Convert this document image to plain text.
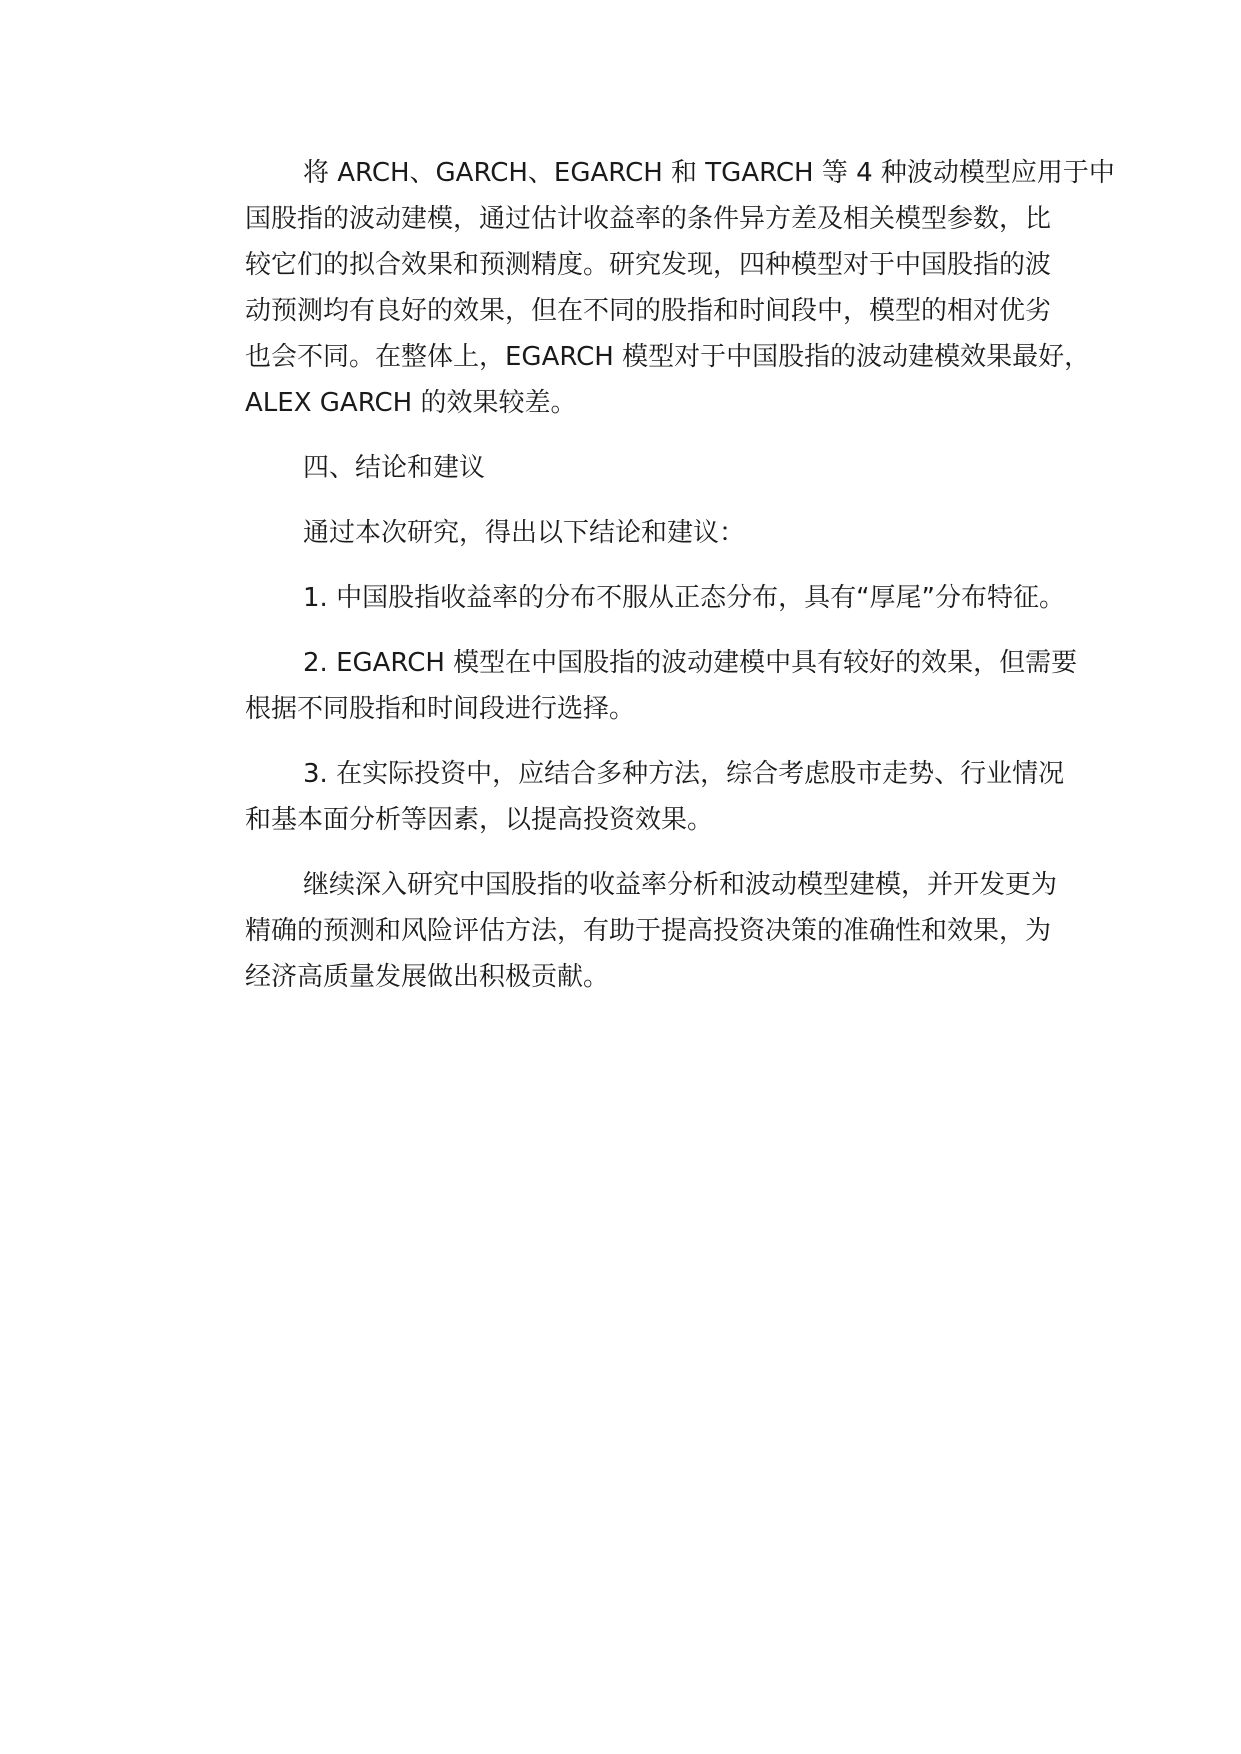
将 ARCH、GARCH、EGARCH 和 TGARCH 等 4 种波动模型应用于中
国股指的波动建模，通过估计收益率的条件异方差及相关模型参数，比
较它们的拟合效果和预测精度。研究发现，四种模型对于中国股指的波
动预测均有良好的效果，但在不同的股指和时间段中，模型的相对优劣
也会不同。在整体上，EGARCH 模型对于中国股指的波动建模效果最好，
ALEX GARCH 的效果较差。

四、结论和建议

通过本次研究，得出以下结论和建议：

1. 中国股指收益率的分布不服从正态分布，具有“厚尾”分布特征。

2. EGARCH 模型在中国股指的波动建模中具有较好的效果，但需要
根据不同股指和时间段进行选择。

3. 在实际投资中，应结合多种方法，综合考虑股市走势、行业情况
和基本面分析等因素，以提高投资效果。

继续深入研究中国股指的收益率分析和波动模型建模，并开发更为
精确的预测和风险评估方法，有助于提高投资决策的准确性和效果，为
经济高质量发展做出积极贡献。
